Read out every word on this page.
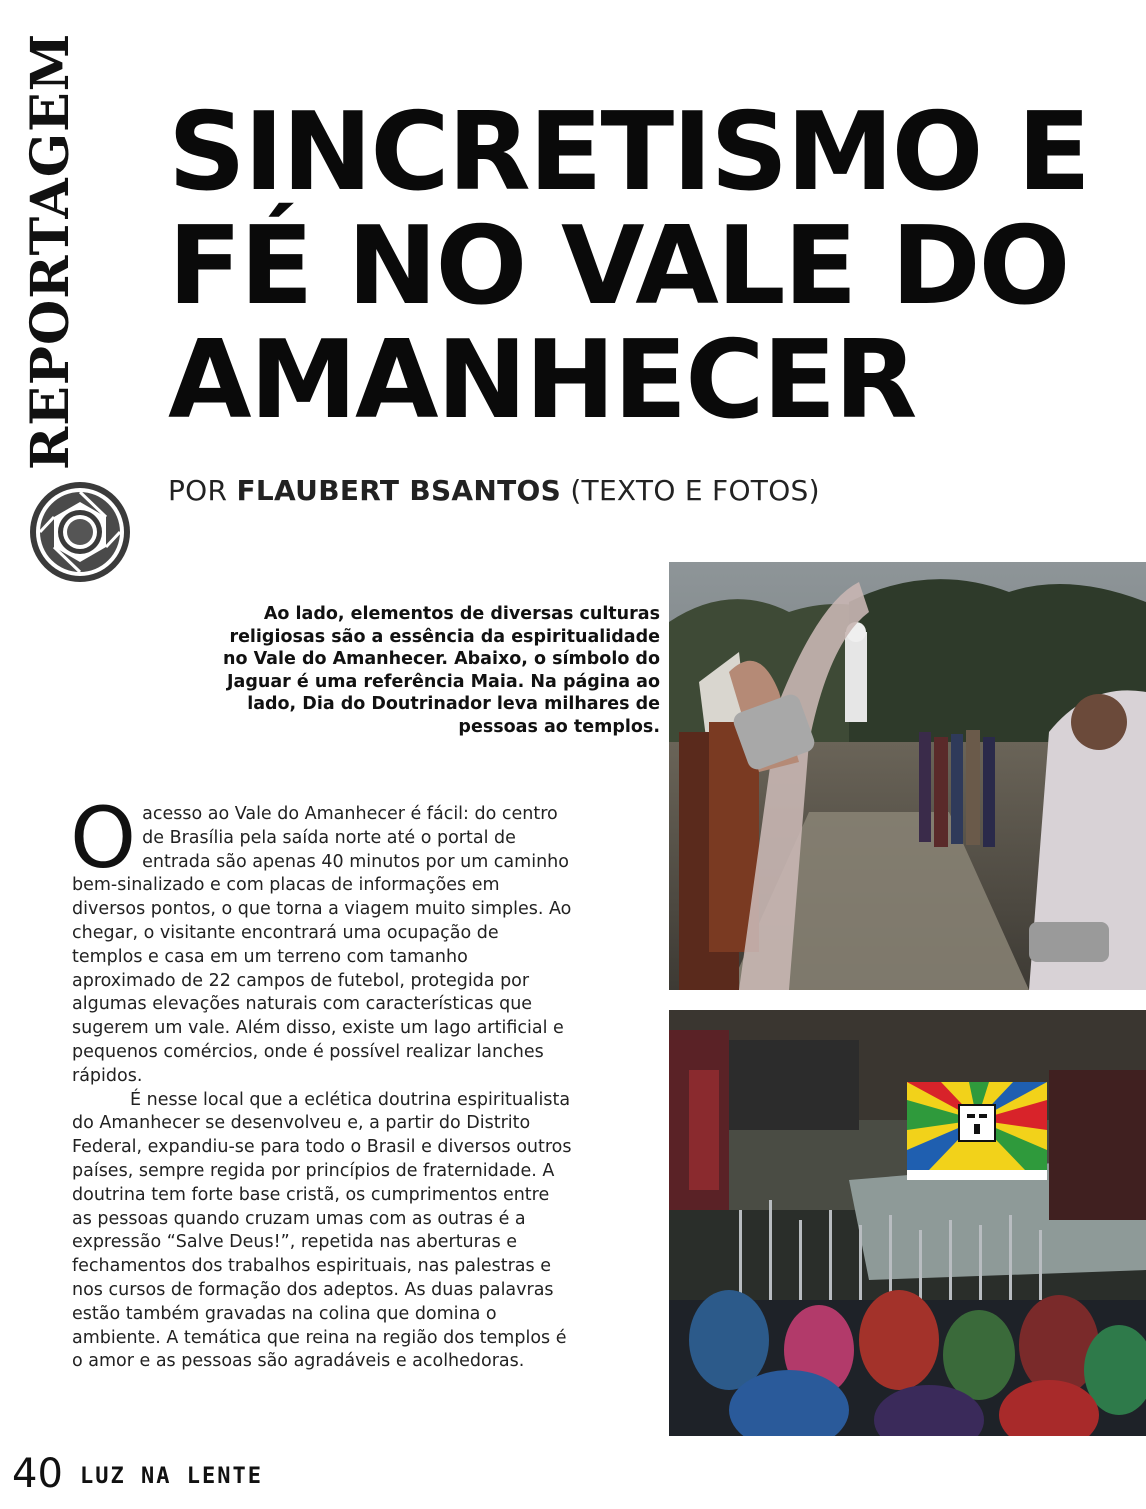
REPORTAGEM SINCRETISMO E
FÉ NO VALE DO
AMANHECER
POR FLAUBERT BSANTOS (TEXTO E FOTOS)
Ao lado, elementos de diversas culturas religiosas são a essência da espiritualidade no Vale do Amanhecer. Abaixo, o símbolo do Jaguar é uma referência Maia. Na página ao lado, Dia do Doutrinador leva milhares de pessoas ao templos.

Oacesso ao Vale do Amanhecer é fácil: do centro de Brasília pela saída norte até o portal de entrada são apenas 40 minutos por um caminho bem-sinalizado e com placas de informações em diversos pontos, o que torna a viagem muito simples. Ao chegar, o visitante encontrará uma ocupação de templos e casa em um terreno com tamanho aproximado de 22 campos de futebol, protegida por algumas elevações naturais com características que sugerem um vale. Além disso, existe um lago artificial e pequenos comércios, onde é possível realizar lanches rápidos.

É nesse local que a eclética doutrina espiritualista do Amanhecer se desenvolveu e, a partir do Distrito Federal, expandiu-se para todo o Brasil e diversos outros países, sempre regida por princípios de fraternidade. A doutrina tem forte base cristã, os cumprimentos entre as pessoas quando cruzam umas com as outras é a expressão “Salve Deus!”, repetida nas aberturas e fechamentos dos trabalhos espirituais, nas palestras e nos cursos de formação dos adeptos. As duas palavras estão também gravadas na colina que domina o ambiente. A temática que reina na região dos templos é o amor e as pessoas são agradáveis e acolhedoras.

40 LUZ NA LENTE
